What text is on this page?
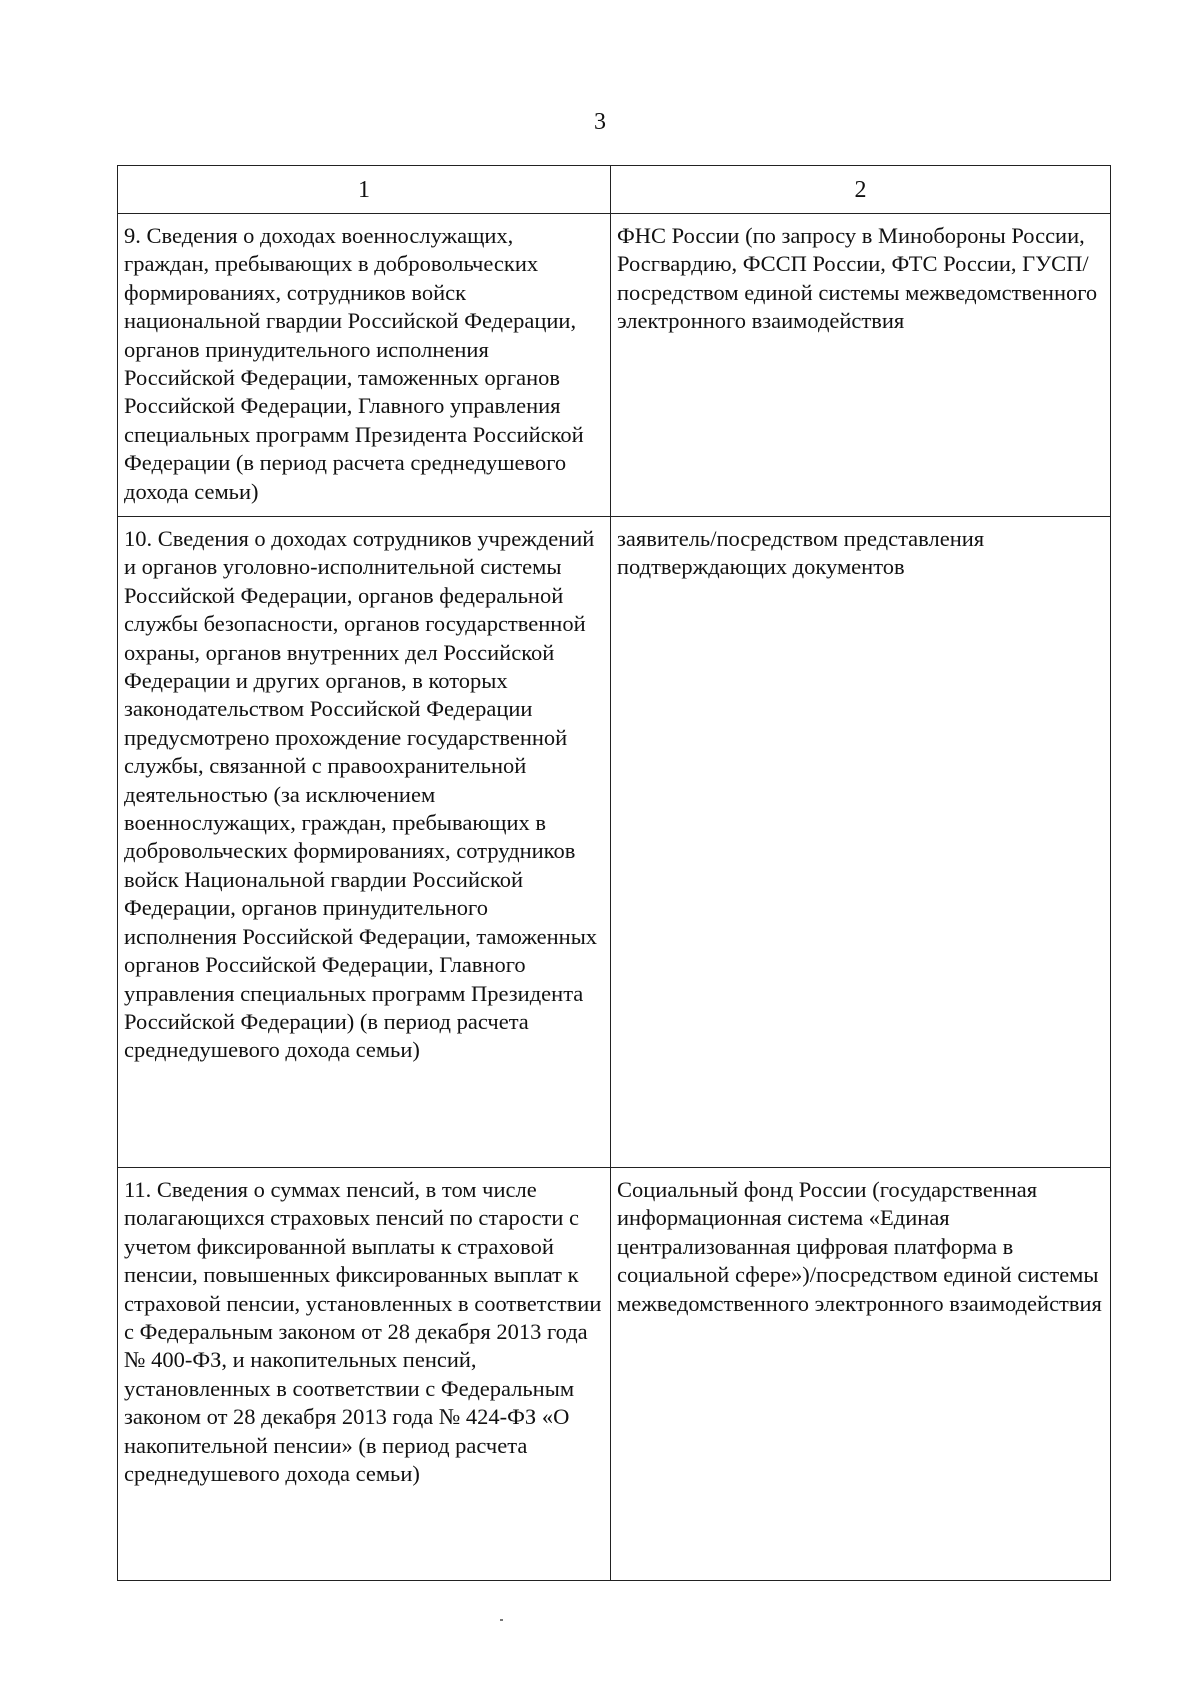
3
1	2

9. Сведения о доходах военнослужащих, граждан, пребывающих в добровольческих формированиях, сотрудников войск национальной гвардии Российской Федерации, органов принудительного исполнения Российской Федерации, таможенных органов Российской Федерации, Главного управления специальных программ Президента Российской Федерации (в период расчета среднедушевого дохода семьи)	ФНС России (по запросу в Минобороны России, Росгвардию, ФССП России, ФТС России, ГУСП/ посредством единой системы межведомственного электронного взаимодействия

10. Сведения о доходах сотрудников учреждений и органов уголовно-исполнительной системы Российской Федерации, органов федеральной службы безопасности, органов государственной охраны, органов внутренних дел Российской Федерации и других органов, в которых законодательством Российской Федерации предусмотрено прохождение государственной службы, связанной с правоохранительной деятельностью (за исключением военнослужащих, граждан, пребывающих в добровольческих формированиях, сотрудников войск Национальной гвардии Российской Федерации, органов принудительного исполнения Российской Федерации, таможенных органов Российской Федерации, Главного управления специальных программ Президента Российской Федерации) (в период расчета среднедушевого дохода семьи)	заявитель/посредством представления подтверждающих документов

11. Сведения о суммах пенсий, в том числе полагающихся страховых пенсий по старости с учетом фиксированной выплаты к страховой пенсии, повышенных фиксированных выплат к страховой пенсии, установленных в соответствии с Федеральным законом от 28 декабря 2013 года № 400-ФЗ, и накопительных пенсий, установленных в соответствии с Федеральным законом от 28 декабря 2013 года № 424-ФЗ «О накопительной пенсии» (в период расчета среднедушевого дохода семьи)	Социальный фонд России (государственная информационная система «Единая централизованная цифровая платформа в социальной сфере»)/посредством единой системы межведомственного электронного взаимодействия
